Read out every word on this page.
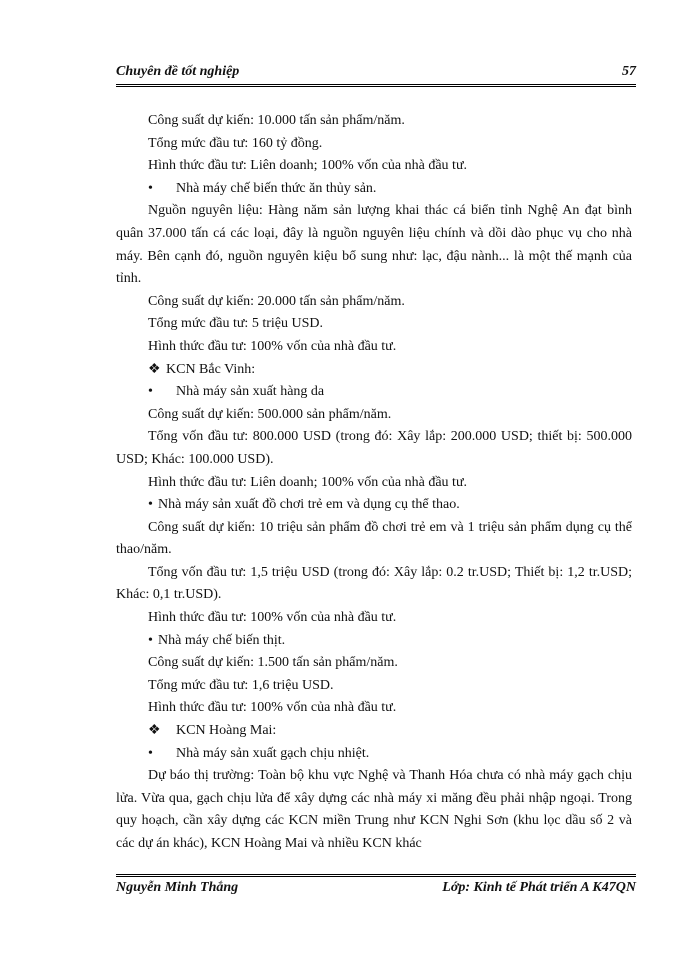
Chuyên đề tốt nghiệp	57

Công suất dự kiến: 10.000 tấn sản phẩm/năm.

Tổng mức đầu tư: 160 tỷ đồng.

Hình thức đầu tư: Liên doanh; 100% vốn của nhà đầu tư.

• Nhà máy chế biến thức ăn thủy sản.

Nguồn nguyên liệu: Hàng năm sản lượng khai thác cá biển tỉnh Nghệ An đạt bình quân 37.000 tấn cá các loại, đây là nguồn nguyên liệu chính và dồi dào phục vụ cho nhà máy. Bên cạnh đó, nguồn nguyên kiệu bổ sung như: lạc, đậu nành... là một thế mạnh của tỉnh.

Công suất dự kiến: 20.000 tấn sản phẩm/năm.

Tổng mức đầu tư: 5 triệu USD.

Hình thức đầu tư: 100% vốn của nhà đầu tư.

❖ KCN Bắc Vinh:

• Nhà máy sản xuất hàng da

Công suất dự kiến: 500.000 sản phẩm/năm.

Tổng vốn đầu tư: 800.000 USD (trong đó: Xây lắp: 200.000 USD; thiết bị: 500.000 USD; Khác: 100.000 USD).

Hình thức đầu tư: Liên doanh; 100% vốn của nhà đầu tư.

• Nhà máy sản xuất đồ chơi trẻ em và dụng cụ thể thao.

Công suất dự kiến: 10 triệu sản phẩm đồ chơi trẻ em và 1 triệu sản phẩm dụng cụ thể thao/năm.

Tổng vốn đầu tư: 1,5 triệu USD (trong đó: Xây lắp: 0.2 tr.USD; Thiết bị: 1,2 tr.USD; Khác: 0,1 tr.USD).

Hình thức đầu tư: 100% vốn của nhà đầu tư.

• Nhà máy chế biến thịt.

Công suất dự kiến: 1.500 tấn sản phẩm/năm.

Tổng mức đầu tư: 1,6 triệu USD.

Hình thức đầu tư: 100% vốn của nhà đầu tư.

❖ KCN Hoàng Mai:

• Nhà máy sản xuất gạch chịu nhiệt.

Dự báo thị trường: Toàn bộ khu vực Nghệ và Thanh Hóa chưa có nhà máy gạch chịu lửa. Vừa qua, gạch chịu lửa để xây dựng các nhà máy xi măng đều phải nhập ngoại. Trong quy hoạch, cần xây dựng các KCN miền Trung như KCN Nghi Sơn (khu lọc dầu số 2 và các dự án khác), KCN Hoàng Mai và nhiều KCN khác

Nguyễn Minh Thắng	Lớp: Kinh tế Phát triển A K47QN
